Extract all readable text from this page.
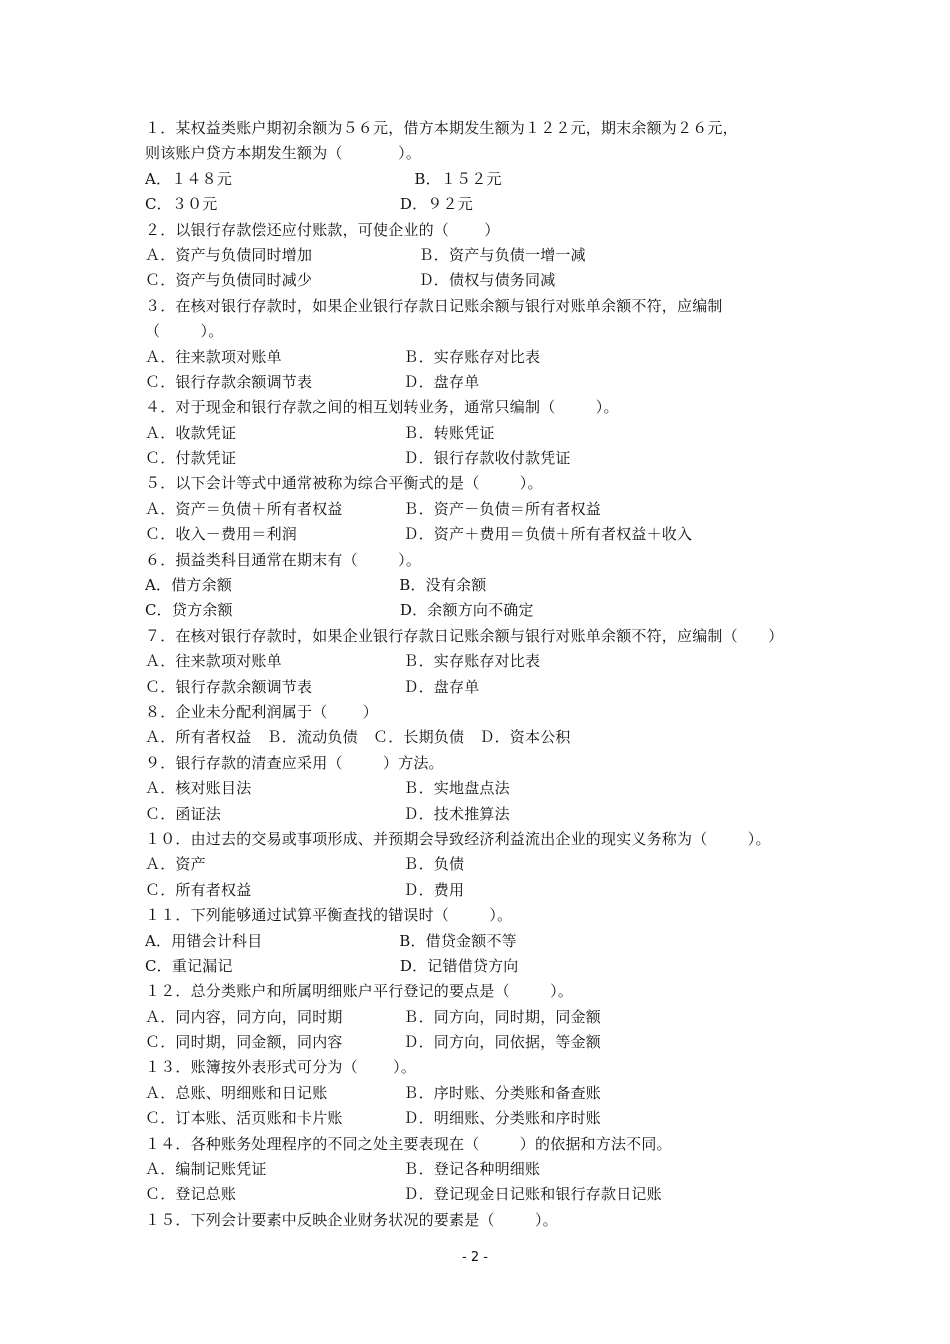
１．某权益类账户期初余额为５６元，借方本期发生额为１２２元，期末余额为２６元，
则该账户贷方本期发生额为（　 　　 ）。
A．１４８元　　　　　　　　　　　　B．１５２元
C．３０元　　　　　　　　　　　　D．９２元
２．以银行存款偿还应付账款，可使企业的（　 　）
Ａ．资产与负债同时增加　　　　　　　Ｂ．资产与负债一增一减
Ｃ．资产与负债同时减少　　　　　　　Ｄ．债权与债务同减
３．在核对银行存款时，如果企业银行存款日记账余额与银行对账单余额不符，应编制
（　 　 ）。
Ａ．往来款项对账单　　　　　　　　Ｂ．实存账存对比表
Ｃ．银行存款余额调节表　　　　　　Ｄ．盘存单
４．对于现金和银行存款之间的相互划转业务，通常只编制（　 　 ）。
Ａ．收款凭证　　　　　　　　　　　Ｂ．转账凭证
Ｃ．付款凭证　　　　　　　　　　　Ｄ．银行存款收付款凭证
５．以下会计等式中通常被称为综合平衡式的是（　 　 ）。
Ａ．资产＝负债＋所有者权益　　　　Ｂ．资产－负债＝所有者权益
Ｃ．收入－费用＝利润　　　　　　　Ｄ．资产＋费用＝负债＋所有者权益＋收入
６．损益类科目通常在期末有（　 　 ）。
A．借方余额　　　　　　　　　　　B．没有余额
C．贷方余额　　　　　　　　　　　D．余额方向不确定
７．在核对银行存款时，如果企业银行存款日记账余额与银行对账单余额不符，应编制（　　）
Ａ．往来款项对账单　　　　　　　　Ｂ．实存账存对比表
Ｃ．银行存款余额调节表　　　　　　Ｄ．盘存单
８．企业未分配利润属于（　 　）
Ａ．所有者权益　Ｂ．流动负债　Ｃ．长期负债　Ｄ．资本公积
９．银行存款的清查应采用（　 　 ）方法。
Ａ．核对账目法　　　　　　　　　　Ｂ．实地盘点法
Ｃ．函证法　　　　　　　　　　　　Ｄ．技术推算法
１０．由过去的交易或事项形成、并预期会导致经济利益流出企业的现实义务称为（　 　 ）。
Ａ．资产　　　　　　　　　　　　　Ｂ．负债
Ｃ．所有者权益　　　　　　　　　　Ｄ．费用
１１．下列能够通过试算平衡查找的错误时（　 　 ）。
A．用错会计科目　　　　　　　　　B．借贷金额不等
C．重记漏记　　　　　　　　　　　D．记错借贷方向
１２．总分类账户和所属明细账户平行登记的要点是（　 　 ）。
Ａ．同内容，同方向，同时期　　　　Ｂ．同方向，同时期，同金额
Ｃ．同时期，同金额，同内容　　　　Ｄ．同方向，同依据，等金额
１３．账簿按外表形式可分为（　 　）。
Ａ．总账、明细账和日记账　　　　　Ｂ．序时账、分类账和备查账
Ｃ．订本账、活页账和卡片账　　　　Ｄ．明细账、分类账和序时账
１４．各种账务处理程序的不同之处主要表现在（　 　 ）的依据和方法不同。
Ａ．编制记账凭证　　　　　　　　　Ｂ．登记各种明细账
Ｃ．登记总账　　　　　　　　　　　Ｄ．登记现金日记账和银行存款日记账
１５．下列会计要素中反映企业财务状况的要素是（　 　 ）。
- 2 -
